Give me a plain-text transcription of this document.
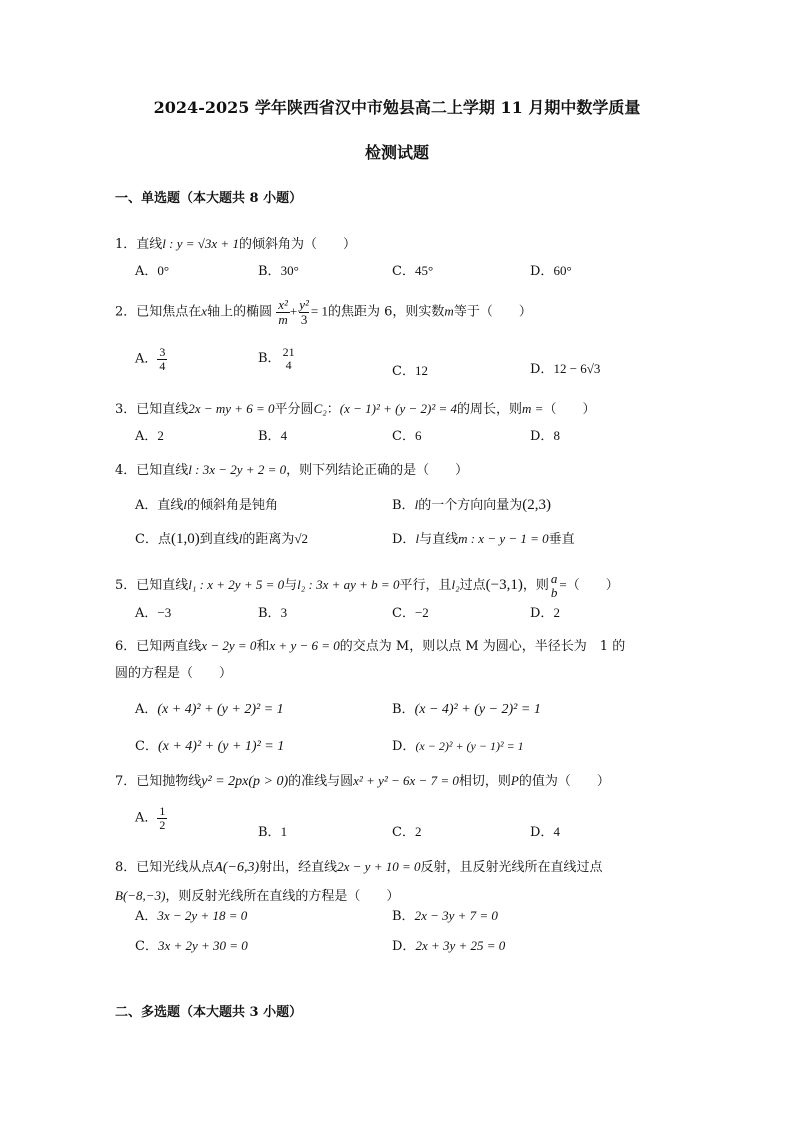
2024-2025 学年陕西省汉中市勉县高二上学期 11 月期中数学质量
检测试题
一、单选题（本大题共 8 小题）
1．直线l : y = √3x + 1的倾斜角为（　　）
A．0°	B．30°	C．45°	D．60°
2．已知焦点在x轴上的椭圆 $\frac{\text{x²}}{m} + \frac{\text{y²}}{3} = 1$的焦距为 6，则实数m等于（　　）
A． $\frac{3}{4}$	B． 21
4	C．12	D．12 − 6√3
3．已知直线2x − my + 6 = 0平分圆C₂：(x − 1)² + (y − 2)² = 4的周长，则m =（　　）
A．2	B．4	C．6	D．8
4．已知直线l : 3x − 2y + 2 = 0，则下列结论正确的是（　　）
A．直线l的倾斜角是钝角	B．l的一个方向向量为(2,3)
C．点(1,0)到直线l的距离为√2	D．l与直线m : x − y − 1 = 0垂直
5．已知直线l₁ : x + 2y + 5 = 0与l₂ : 3x + ay + b = 0平行，且l₂过点(−3,1)，则 a
b =（　　）
A．−3	B．3	C．−2	D．2
6．已知两直线x − 2y = 0和x + y − 6 = 0的交点为 M，则以点 M 为圆心，半径长为　1 的
圆的方程是（　　）
A．(x + 4)² + (y + 2)² = 1	B．(x − 4)² + (y − 2)² = 1
C．(x + 4)² + (y + 1)² = 1	D．(x − 2)² + (y − 1)² = 1
7．已知抛物线y² = 2px(p > 0)的准线与圆x² + y² − 6x − 7 = 0相切，则P的值为（　　）
A． $\frac{1}{2}$
B．1	C．2	D．4
8．已知光线从点A(−6,3)射出，经直线2x − y + 10 = 0反射，且反射光线所在直线过点
B(−8,−3)，则反射光线所在直线的方程是（　　）
A．3x − 2y + 18 = 0	B．2x − 3y + 7 = 0
C．3x + 2y + 30 = 0	D．2x + 3y + 25 = 0
二、多选题（本大题共 3 小题）
